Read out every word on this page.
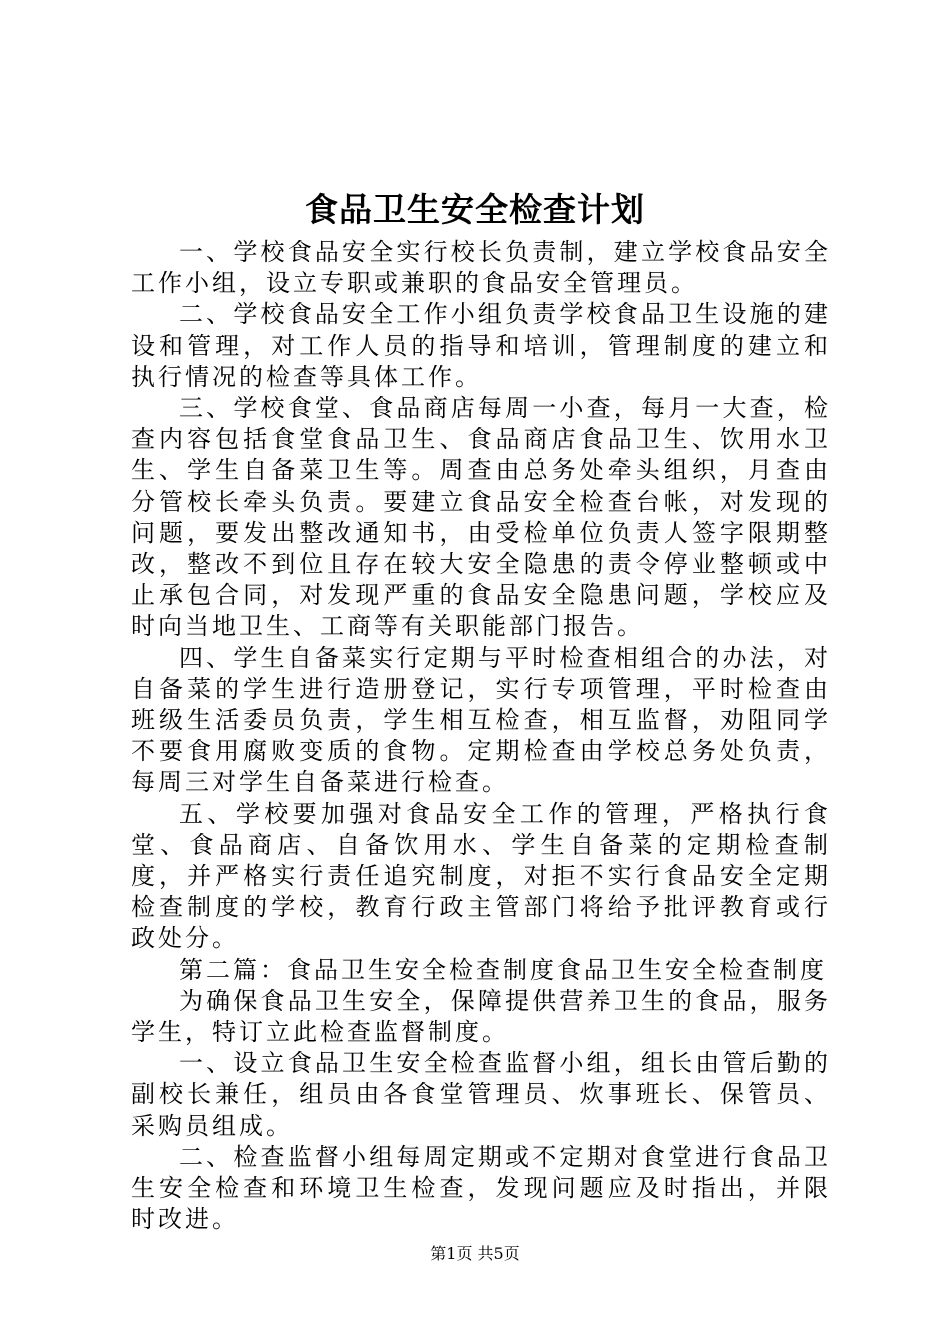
食品卫生安全检查计划

一、学校食品安全实行校长负责制，建立学校食品安全工作小组，设立专职或兼职的食品安全管理员。

二、学校食品安全工作小组负责学校食品卫生设施的建设和管理，对工作人员的指导和培训，管理制度的建立和执行情况的检查等具体工作。

三、学校食堂、食品商店每周一小查，每月一大查，检查内容包括食堂食品卫生、食品商店食品卫生、饮用水卫生、学生自备菜卫生等。周查由总务处牵头组织，月查由分管校长牵头负责。要建立食品安全检查台帐，对发现的问题，要发出整改通知书，由受检单位负责人签字限期整改，整改不到位且存在较大安全隐患的责令停业整顿或中止承包合同，对发现严重的食品安全隐患问题，学校应及时向当地卫生、工商等有关职能部门报告。

四、学生自备菜实行定期与平时检查相组合的办法，对自备菜的学生进行造册登记，实行专项管理，平时检查由班级生活委员负责，学生相互检查，相互监督，劝阻同学不要食用腐败变质的食物。定期检查由学校总务处负责，每周三对学生自备菜进行检查。

五、学校要加强对食品安全工作的管理，严格执行食堂、食品商店、自备饮用水、学生自备菜的定期检查制度，并严格实行责任追究制度，对拒不实行食品安全定期检查制度的学校，教育行政主管部门将给予批评教育或行政处分。

第二篇：食品卫生安全检查制度食品卫生安全检查制度

为确保食品卫生安全，保障提供营养卫生的食品，服务学生，特订立此检查监督制度。

一、设立食品卫生安全检查监督小组，组长由管后勤的副校长兼任，组员由各食堂管理员、炊事班长、保管员、采购员组成。

二、检查监督小组每周定期或不定期对食堂进行食品卫生安全检查和环境卫生检查，发现问题应及时指出，并限时改进。

第1页 共5页
